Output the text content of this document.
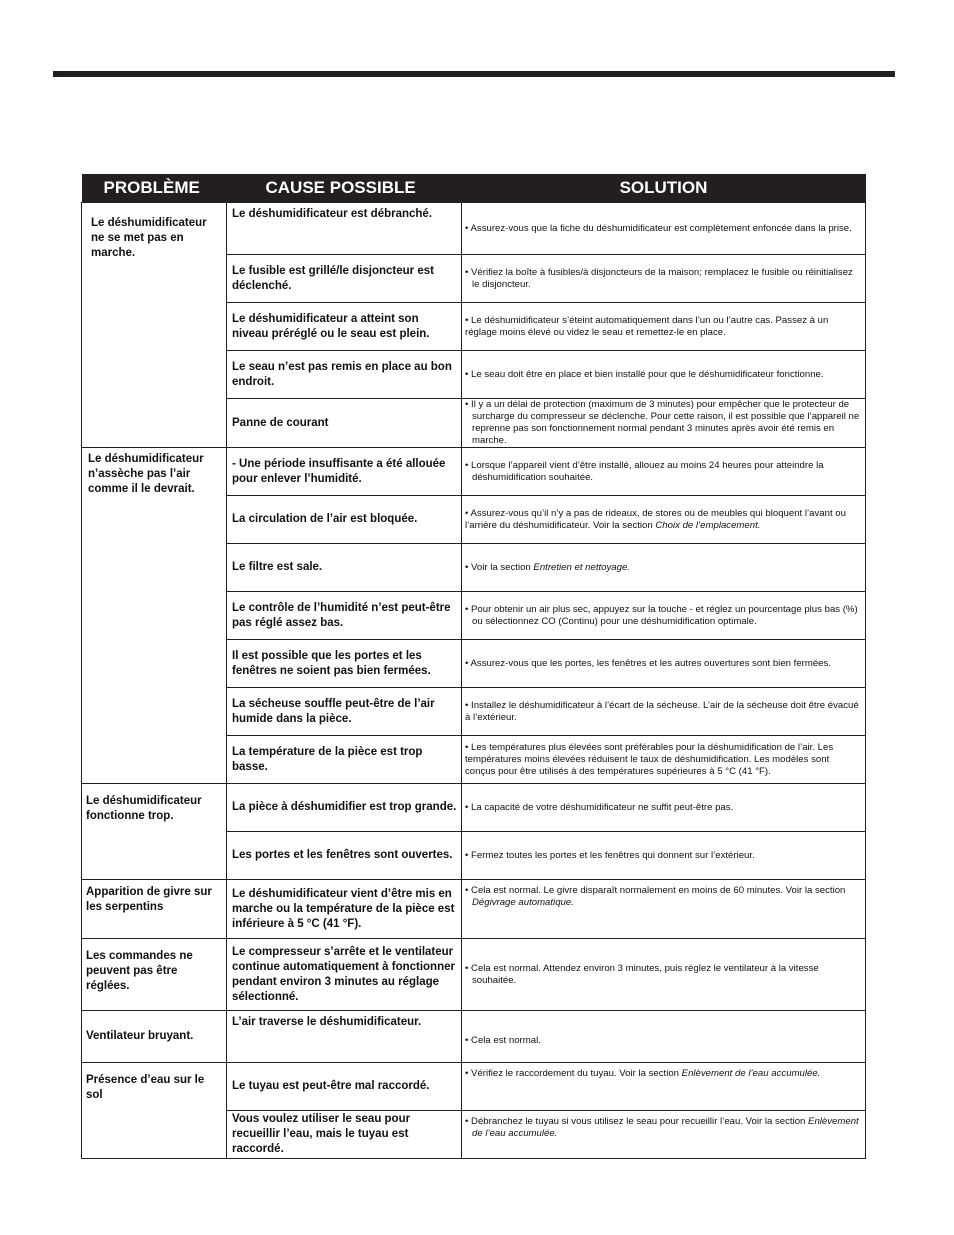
PROBLÈME	CAUSE POSSIBLE	SOLUTION
Le déshumidificateur ne se met pas en marche.	Le déshumidificateur est débranché.	• Assurez-vous que la fiche du déshumidificateur est complètement enfoncée dans la prise.

	Le fusible est grillé/le disjoncteur est déclenché.	• Vérifiez la boîte à fusibles/à disjoncteurs de la maison; remplacez le fusible ou réinitialisez le disjoncteur.

	Le déshumidificateur a atteint son niveau préréglé ou le seau est plein.	• Le déshumidificateur s’éteint automatiquement dans l’un ou l’autre cas. Passez à un réglage moins élevé ou videz le seau et remettez-le en place.

	Le seau n’est pas remis en place au bon endroit.	• Le seau doit être en place et bien installé pour que le déshumidificateur fonctionne.

	Panne de courant	• Il y a un délai de protection (maximum de 3 minutes) pour empêcher que le protecteur de surcharge du compresseur se déclenche. Pour cette raison, il est possible que l’appareil ne reprenne pas son fonctionnement normal pendant 3 minutes après avoir été remis en marche.

Le déshumidificateur n’assèche pas l’air comme il le devrait.	- Une période insuffisante a été allouée pour enlever l’humidité.	• Lorsque l’appareil vient d’être installé, allouez au moins 24 heures pour atteindre la déshumidification souhaitée.

	La circulation de l’air est bloquée.	• Assurez-vous qu’il n’y a pas de rideaux, de stores ou de meubles qui bloquent l’avant ou l’arrière du déshumidificateur. Voir la section Choix de l’emplacement.

	Le filtre est sale.	• Voir la section Entretien et nettoyage.

	Le contrôle de l’humidité n’est peut-être pas réglé assez bas.	• Pour obtenir un air plus sec, appuyez sur la touche - et réglez un pourcentage plus bas (%) ou sélectionnez CO (Continu) pour une déshumidification optimale.

	Il est possible que les portes et les fenêtres ne soient pas bien fermées.	• Assurez-vous que les portes, les fenêtres et les autres ouvertures sont bien fermées.

	La sécheuse souffle peut-être de l’air humide dans la pièce.	• Installez le déshumidificateur à l’écart de la sécheuse. L’air de la sécheuse doit être évacué à l’extérieur.

	La température de la pièce est trop basse.	• Les températures plus élevées sont préférables pour la déshumidification de l’air. Les températures moins élevées réduisent le taux de déshumidification. Les modèles sont conçus pour être utilisés à des températures supérieures à 5 °C (41 °F).

Le déshumidificateur fonctionne trop.	La pièce à déshumidifier est trop grande.	• La capacité de votre déshumidificateur ne suffit peut-être pas.

	Les portes et les fenêtres sont ouvertes.	• Fermez toutes les portes et les fenêtres qui donnent sur l’extérieur.

Apparition de givre sur les serpentins	Le déshumidificateur vient d’être mis en marche ou la température de la pièce est inférieure à 5 °C (41 °F).	• Cela est normal. Le givre disparaît normalement en moins de 60 minutes. Voir la section Dégivrage automatique.

Les commandes ne peuvent pas être réglées.	Le compresseur s’arrête et le ventilateur continue automatiquement à fonctionner pendant environ 3 minutes au réglage sélectionné.	• Cela est normal. Attendez environ 3 minutes, puis réglez le ventilateur à la vitesse souhaitée.

Ventilateur bruyant.	L’air traverse le déshumidificateur.	• Cela est normal.

Présence d’eau sur le sol	Le tuyau est peut-être mal raccordé.	• Vérifiez le raccordement du tuyau. Voir la section Enlèvement de l’eau accumulée.

	Vous voulez utiliser le seau pour recueillir l’eau, mais le tuyau est raccordé.	• Débranchez le tuyau si vous utilisez le seau pour recueillir l’eau. Voir la section Enlèvement de l’eau accumulée.
